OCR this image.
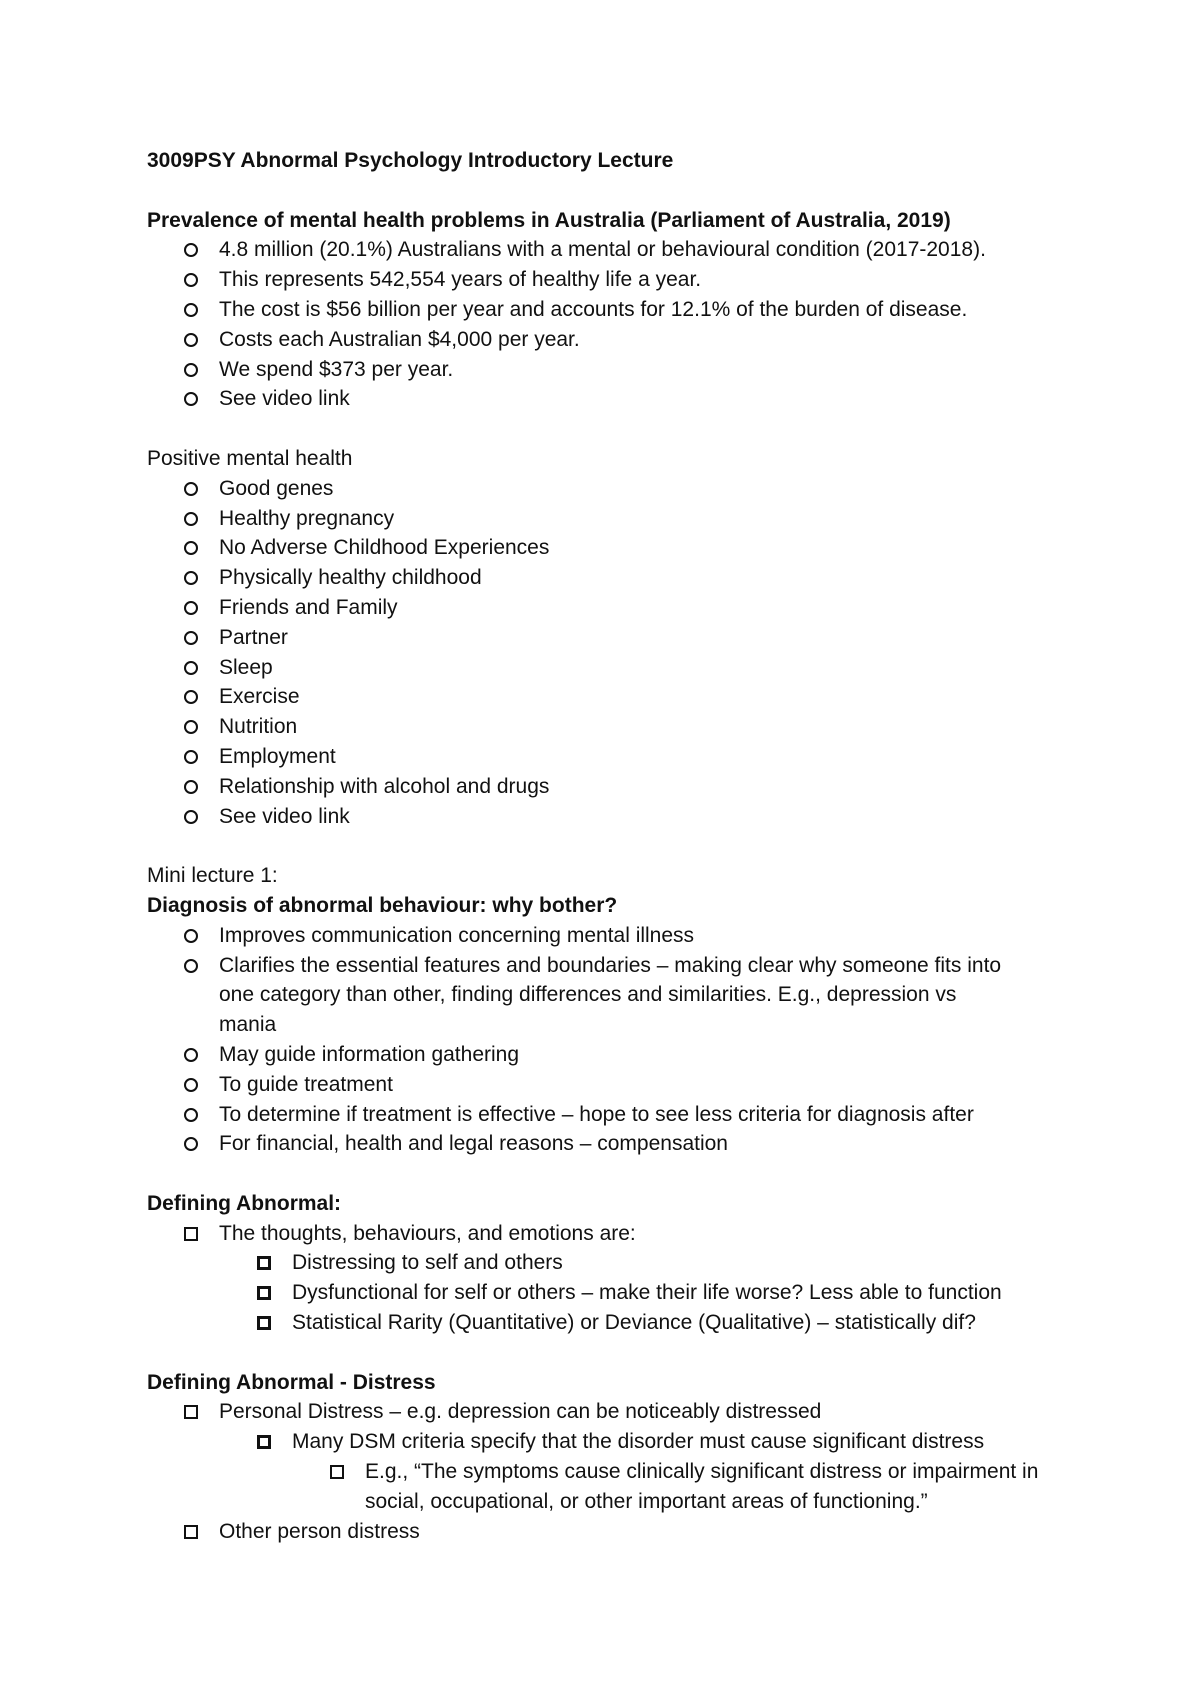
3009PSY Abnormal Psychology Introductory Lecture
Prevalence of mental health problems in Australia (Parliament of Australia, 2019)
4.8 million (20.1%) Australians with a mental or behavioural condition (2017-2018).
This represents 542,554 years of healthy life a year.
The cost is $56 billion per year and accounts for 12.1% of the burden of disease.
Costs each Australian $4,000 per year.
We spend $373 per year.
See video link
Positive mental health
Good genes
Healthy pregnancy
No Adverse Childhood Experiences
Physically healthy childhood
Friends and Family
Partner
Sleep
Exercise
Nutrition
Employment
Relationship with alcohol and drugs
See video link
Mini lecture 1:
Diagnosis of abnormal behaviour: why bother?
Improves communication concerning mental illness
Clarifies the essential features and boundaries – making clear why someone fits into one category than other, finding differences and similarities. E.g., depression vs mania
May guide information gathering
To guide treatment
To determine if treatment is effective – hope to see less criteria for diagnosis after
For financial, health and legal reasons – compensation
Defining Abnormal:
The thoughts, behaviours, and emotions are:
Distressing to self and others
Dysfunctional for self or others – make their life worse? Less able to function
Statistical Rarity (Quantitative) or Deviance (Qualitative) – statistically dif?
Defining Abnormal - Distress
Personal Distress – e.g. depression can be noticeably distressed
Many DSM criteria specify that the disorder must cause significant distress
E.g., “The symptoms cause clinically significant distress or impairment in social, occupational, or other important areas of functioning.”
Other person distress
